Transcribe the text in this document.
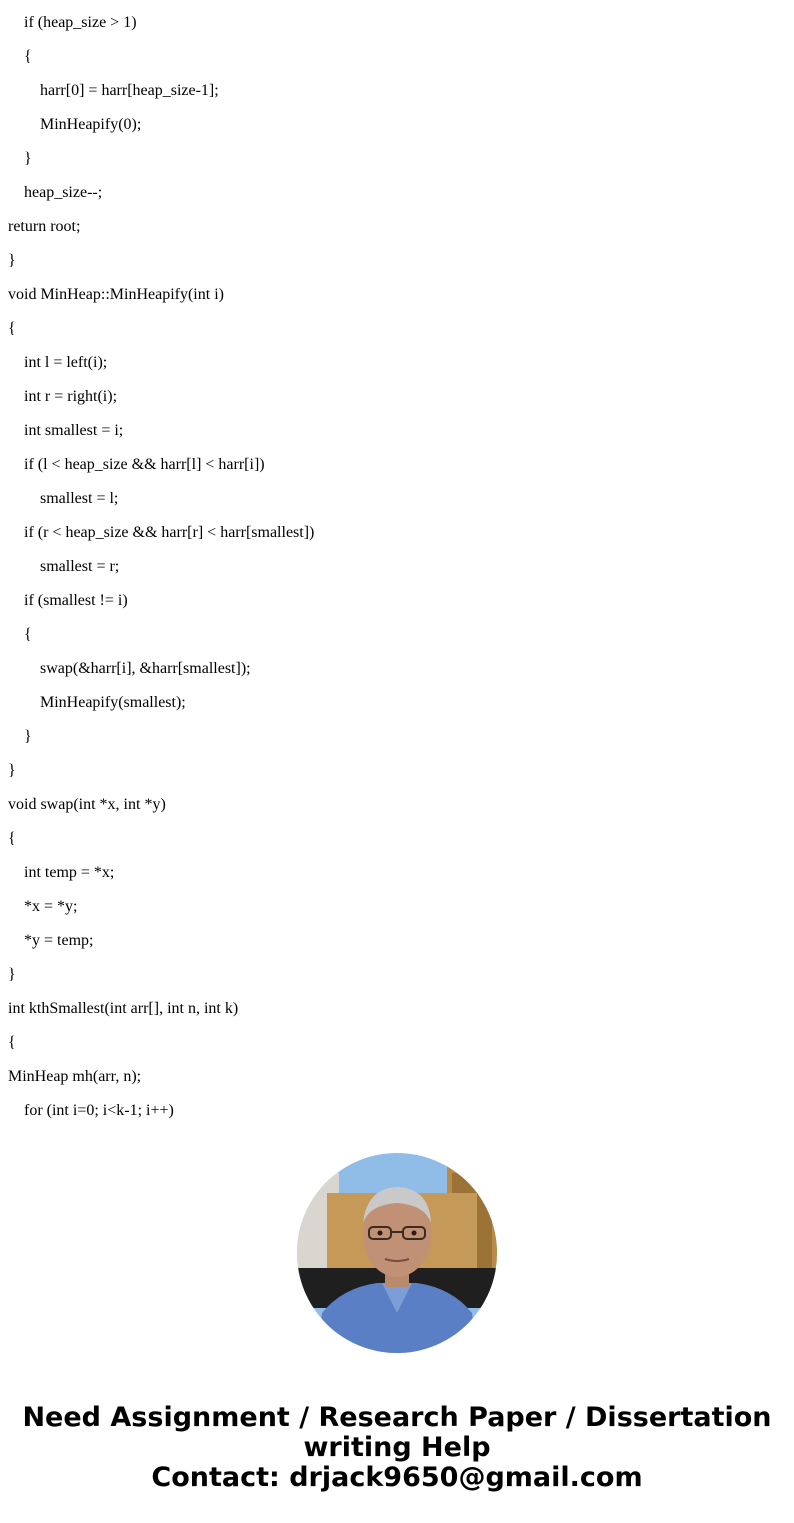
if (heap_size > 1)
{
harr[0] = harr[heap_size-1];
MinHeapify(0);
}
heap_size--;
return root;
}
void MinHeap::MinHeapify(int i)
{
int l = left(i);
int r = right(i);
int smallest = i;
if (l < heap_size && harr[l] < harr[i])
smallest = l;
if (r < heap_size && harr[r] < harr[smallest])
smallest = r;
if (smallest != i)
{
swap(&harr[i], &harr[smallest]);
MinHeapify(smallest);
}
}
void swap(int *x, int *y)
{
int temp = *x;
*x = *y;
*y = temp;
}
int kthSmallest(int arr[], int n, int k)
{
MinHeap mh(arr, n);
for (int i=0; i<k-1; i++)
Need Assignment / Research Paper / Dissertation
writing Help
Contact: drjack9650@gmail.com
